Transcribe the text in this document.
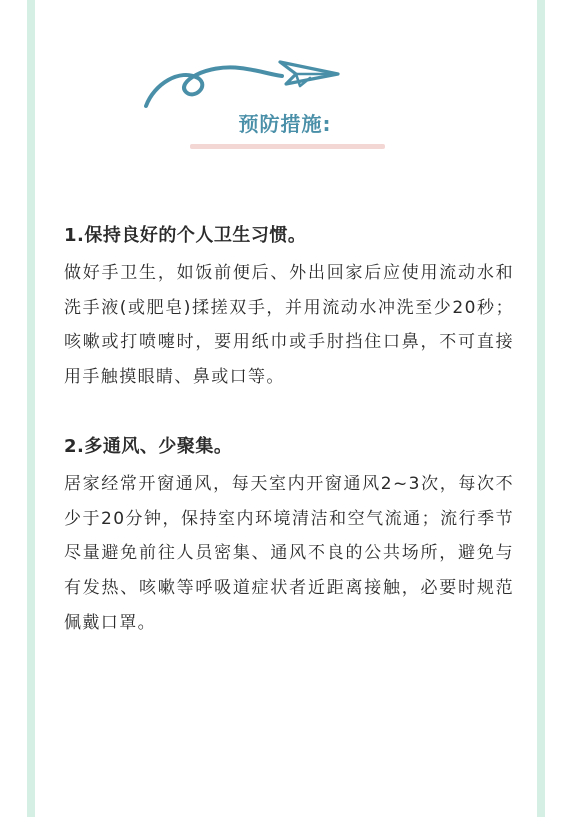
预防措施:

1.保持良好的个人卫生习惯。

做好手卫生，如饭前便后、外出回家后应使用流动水和洗手液(或肥皂)揉搓双手，并用流动水冲洗至少20秒；咳嗽或打喷嚏时，要用纸巾或手肘挡住口鼻，不可直接用手触摸眼睛、鼻或口等。

2.多通风、少聚集。

居家经常开窗通风，每天室内开窗通风2~3次，每次不少于20分钟，保持室内环境清洁和空气流通；流行季节尽量避免前往人员密集、通风不良的公共场所，避免与有发热、咳嗽等呼吸道症状者近距离接触，必要时规范佩戴口罩。
